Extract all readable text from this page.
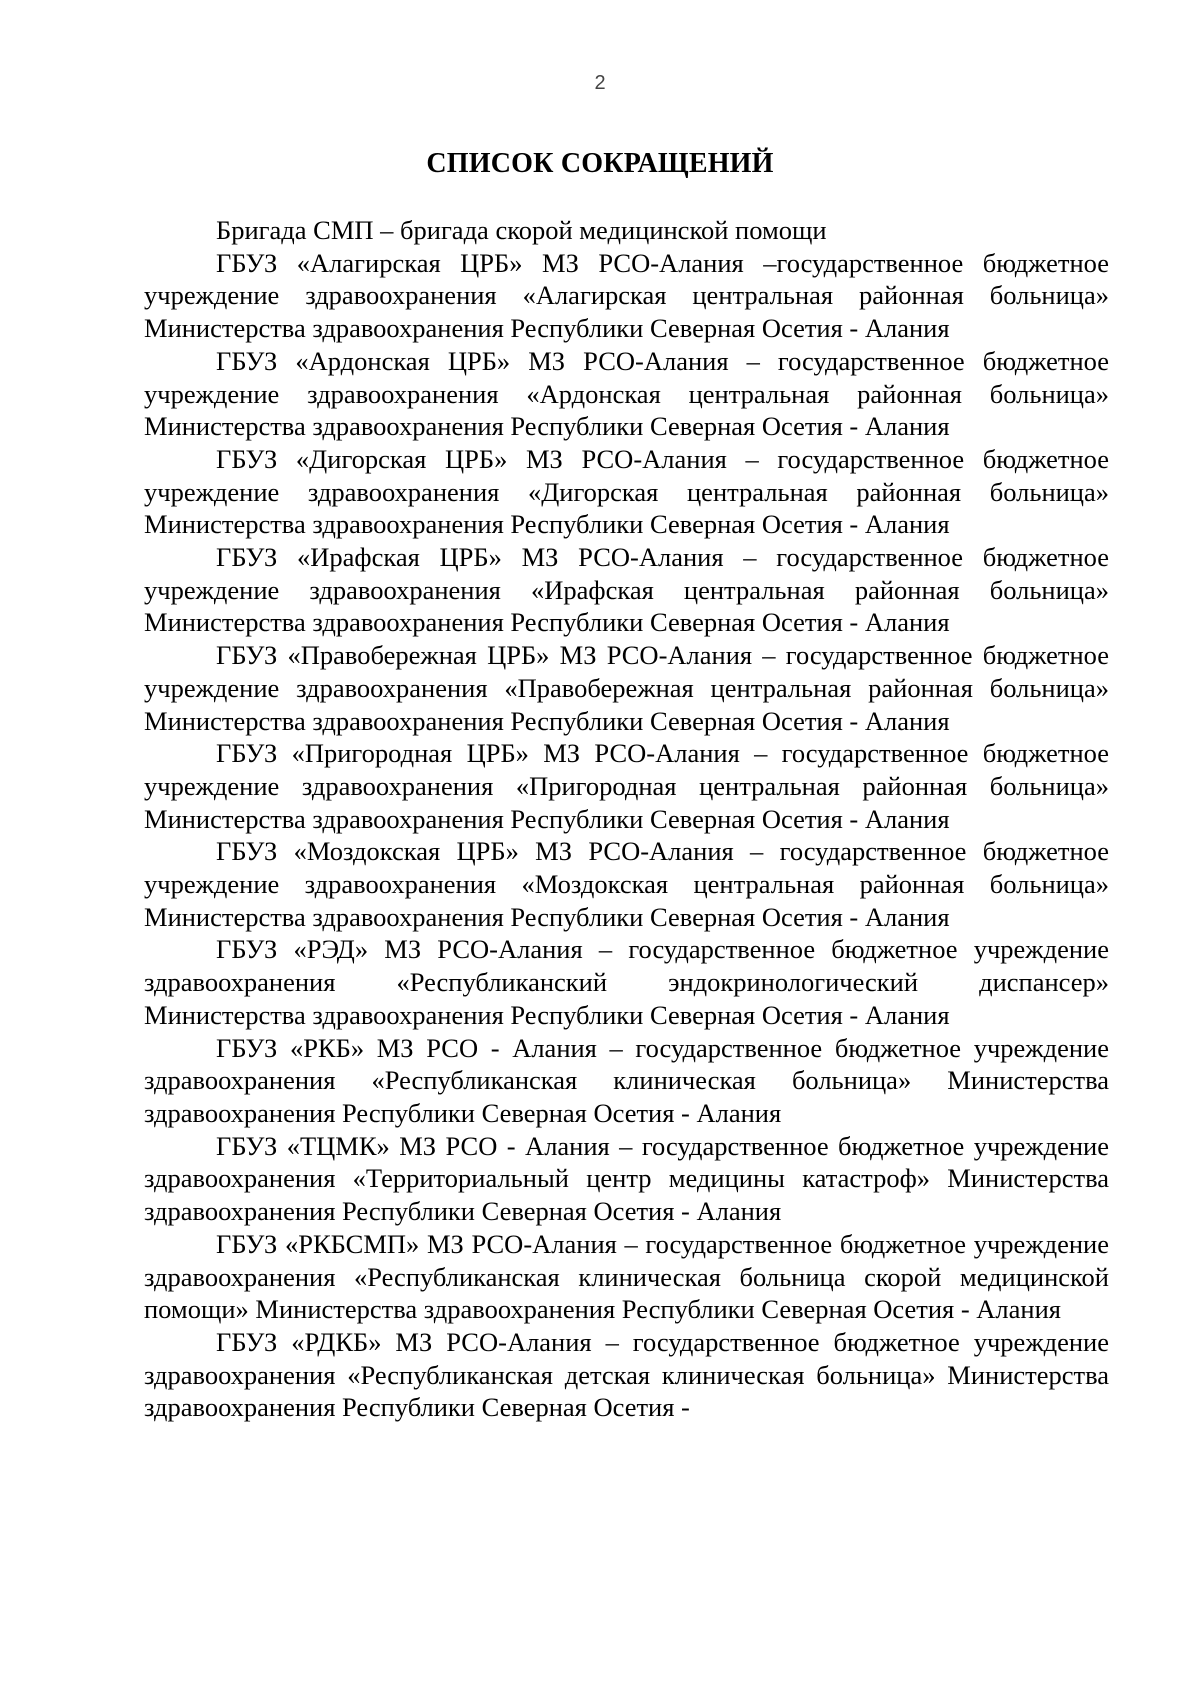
2
СПИСОК СОКРАЩЕНИЙ

Бригада СМП – бригада скорой медицинской помощи

ГБУЗ «Алагирская ЦРБ» МЗ РСО-Алания –государственное бюджетное учреждение здравоохранения «Алагирская центральная районная больница» Министерства здравоохранения Республики Северная Осетия - Алания

ГБУЗ «Ардонская ЦРБ» МЗ РСО-Алания – государственное бюджетное учреждение здравоохранения «Ардонская центральная районная больница» Министерства здравоохранения Республики Северная Осетия - Алания

ГБУЗ «Дигорская ЦРБ» МЗ РСО-Алания – государственное бюджетное учреждение здравоохранения «Дигорская центральная районная больница» Министерства здравоохранения Республики Северная Осетия - Алания

ГБУЗ «Ирафская ЦРБ» МЗ РСО-Алания – государственное бюджетное учреждение здравоохранения «Ирафская центральная районная больница» Министерства здравоохранения Республики Северная Осетия - Алания

ГБУЗ «Правобережная ЦРБ» МЗ РСО-Алания – государственное бюджетное учреждение здравоохранения «Правобережная центральная районная больница» Министерства здравоохранения Республики Северная Осетия - Алания

ГБУЗ «Пригородная ЦРБ» МЗ РСО-Алания – государственное бюджетное учреждение здравоохранения «Пригородная центральная районная больница» Министерства здравоохранения Республики Северная Осетия - Алания

ГБУЗ «Моздокская ЦРБ» МЗ РСО-Алания – государственное бюджетное учреждение здравоохранения «Моздокская центральная районная больница» Министерства здравоохранения Республики Северная Осетия - Алания

ГБУЗ «РЭД» МЗ РСО-Алания – государственное бюджетное учреждение здравоохранения «Республиканский эндокринологический диспансер» Министерства здравоохранения Республики Северная Осетия - Алания

ГБУЗ «РКБ» МЗ РСО - Алания – государственное бюджетное учреждение здравоохранения «Республиканская клиническая больница» Министерства здравоохранения Республики Северная Осетия - Алания

ГБУЗ «ТЦМК» МЗ РСО - Алания – государственное бюджетное учреждение здравоохранения «Территориальный центр медицины катастроф» Министерства здравоохранения Республики Северная Осетия - Алания

ГБУЗ «РКБСМП» МЗ РСО-Алания – государственное бюджетное учреждение здравоохранения «Республиканская клиническая больница скорой медицинской помощи» Министерства здравоохранения Республики Северная Осетия - Алания

ГБУЗ «РДКБ» МЗ РСО-Алания – государственное бюджетное учреждение здравоохранения «Республиканская детская клиническая больница» Министерства здравоохранения Республики Северная Осетия -
